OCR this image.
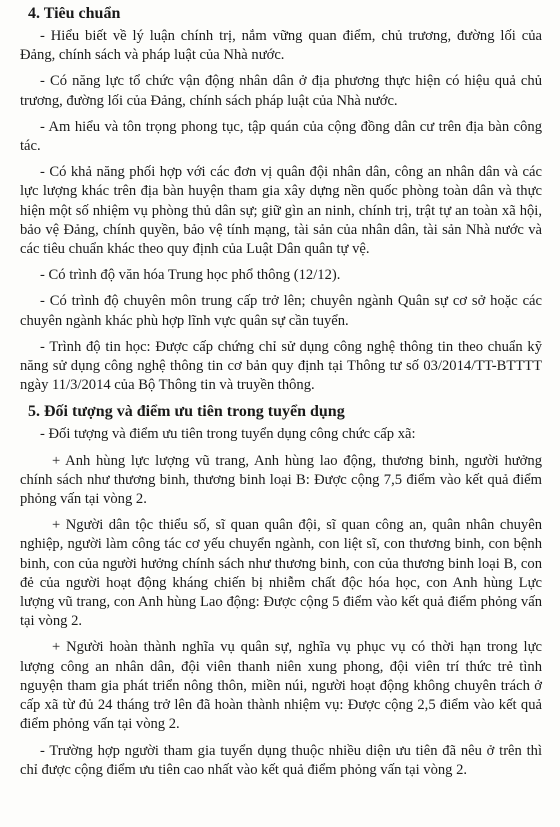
4. Tiêu chuẩn

- Hiểu biết về lý luận chính trị, nắm vững quan điểm, chủ trương, đường lối của Đảng, chính sách và pháp luật của Nhà nước.

- Có năng lực tổ chức vận động nhân dân ở địa phương thực hiện có hiệu quả chủ trương, đường lối của Đảng, chính sách pháp luật của Nhà nước.

- Am hiểu và tôn trọng phong tục, tập quán của cộng đồng dân cư trên địa bàn công tác.

- Có khả năng phối hợp với các đơn vị quân đội nhân dân, công an nhân dân và các lực lượng khác trên địa bàn huyện tham gia xây dựng nền quốc phòng toàn dân và thực hiện một số nhiệm vụ phòng thủ dân sự; giữ gìn an ninh, chính trị, trật tự an toàn xã hội, bảo vệ Đảng, chính quyền, bảo vệ tính mạng, tài sản của nhân dân, tài sản Nhà nước và các tiêu chuẩn khác theo quy định của Luật Dân quân tự vệ.

- Có trình độ văn hóa Trung học phổ thông (12/12).

- Có trình độ chuyên môn trung cấp trở lên; chuyên ngành Quân sự cơ sở hoặc các chuyên ngành khác phù hợp lĩnh vực quân sự cần tuyển.

- Trình độ tin học: Được cấp chứng chỉ sử dụng công nghệ thông tin theo chuẩn kỹ năng sử dụng công nghệ thông tin cơ bản quy định tại Thông tư số 03/2014/TT-BTTTT ngày 11/3/2014 của Bộ Thông tin và truyền thông.

5. Đối tượng và điểm ưu tiên trong tuyển dụng

- Đối tượng và điểm ưu tiên trong tuyển dụng công chức cấp xã:

+ Anh hùng lực lượng vũ trang, Anh hùng lao động, thương binh, người hưởng chính sách như thương binh, thương binh loại B: Được cộng 7,5 điểm vào kết quả điểm phỏng vấn tại vòng 2.

+ Người dân tộc thiểu số, sĩ quan quân đội, sĩ quan công an, quân nhân chuyên nghiệp, người làm công tác cơ yếu chuyển ngành, con liệt sĩ, con thương binh, con bệnh binh, con của người hưởng chính sách như thương binh, con của thương binh loại B, con đẻ của người hoạt động kháng chiến bị nhiễm chất độc hóa học, con Anh hùng Lực lượng vũ trang, con Anh hùng Lao động: Được cộng 5 điểm vào kết quả điểm phỏng vấn tại vòng 2.

+ Người hoàn thành nghĩa vụ quân sự, nghĩa vụ phục vụ có thời hạn trong lực lượng công an nhân dân, đội viên thanh niên xung phong, đội viên trí thức trẻ tình nguyện tham gia phát triển nông thôn, miền núi, người hoạt động không chuyên trách ở cấp xã từ đủ 24 tháng trở lên đã hoàn thành nhiệm vụ: Được cộng 2,5 điểm vào kết quả điểm phỏng vấn tại vòng 2.

- Trường hợp người tham gia tuyển dụng thuộc nhiều diện ưu tiên đã nêu ở trên thì chỉ được cộng điểm ưu tiên cao nhất vào kết quả điểm phỏng vấn tại vòng 2.
